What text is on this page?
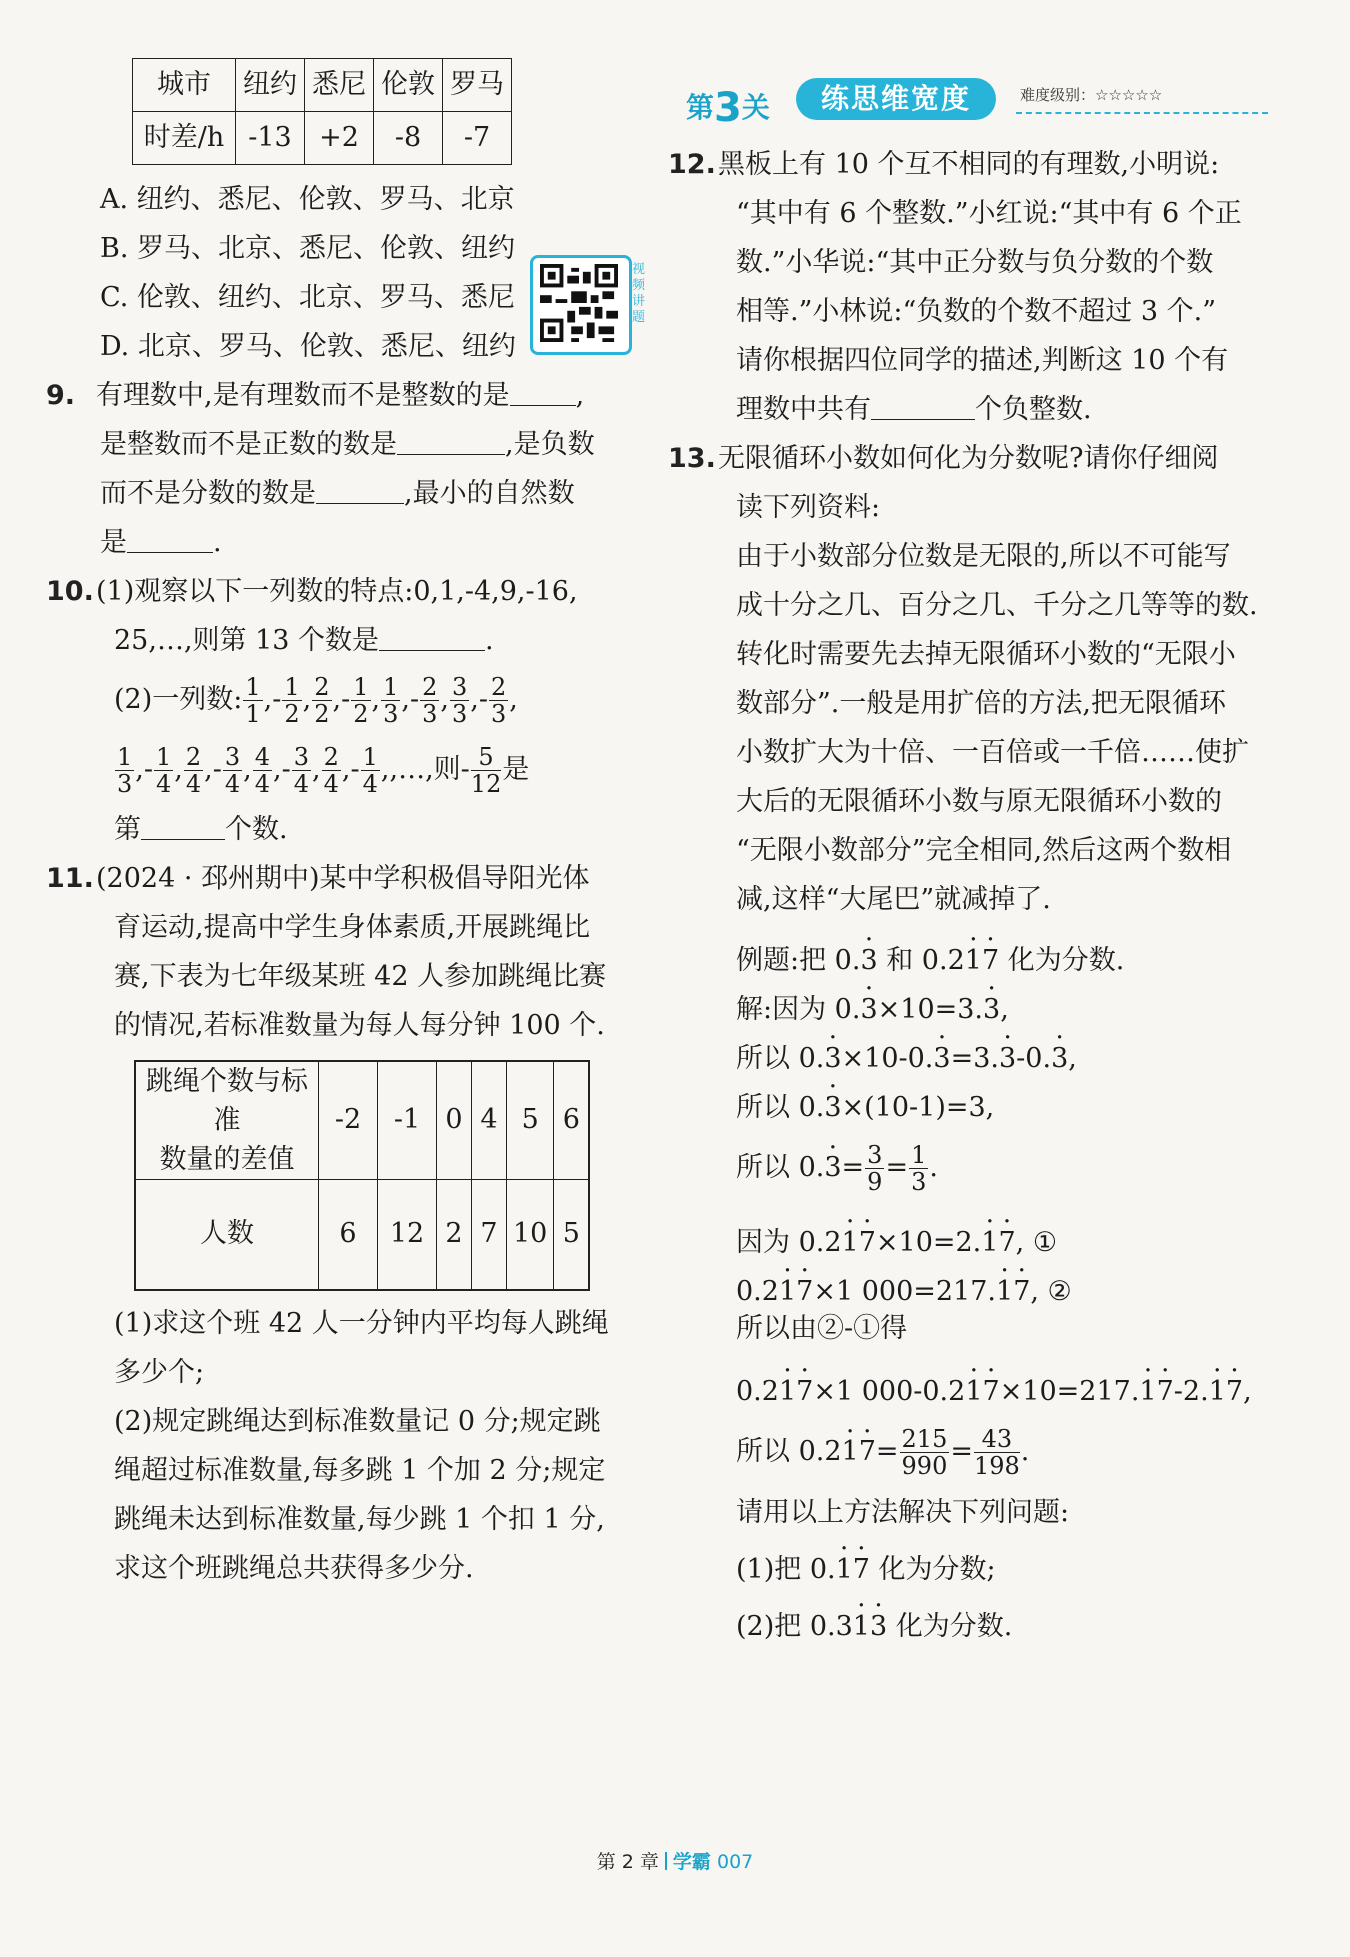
第3关	练思维宽度	难度级别：☆☆☆☆☆
视频讲题
城市	纽约	悉尼	伦敦	罗马
时差/h	-13	+2	-8	-7

A. 纽约、悉尼、伦敦、罗马、北京

B. 罗马、北京、悉尼、伦敦、纽约

C. 伦敦、纽约、北京、罗马、悉尼

D. 北京、罗马、伦敦、悉尼、纽约

9. 有理数中,是有理数而不是整数的是 ,

是整数而不是正数的数是	,是负数

而不是分数的数是	,最小的自然数

是	.

10.(1)观察以下一列数的特点:0,1,-4,9,-16,

25,…,则第 13 个数是	.

(2)一列数: $\frac{1}{1}$ ,- $\frac{1}{2}$ , $\frac{2}{2}$ ,- $\frac{1}{2}$ , $\frac{1}{3}$ ,- $\frac{2}{3}$ , $\frac{3}{3}$ ,- $\frac{2}{3}$ ,

$\frac{1}{3}$ ,- $\frac{1}{4}$ , $\frac{2}{4}$ ,- $\frac{3}{4}$ , $\frac{4}{4}$ ,- $\frac{3}{4}$ , $\frac{2}{4}$ ,- $\frac{1}{4}$ ,,…,则- $\frac{5}{12}$ 是

第	个数.

11.(2024 · 邳州期中)某中学积极倡导阳光体

育运动,提高中学生身体素质,开展跳绳比

赛,下表为七年级某班 42 人参加跳绳比赛

的情况,若标准数量为每人每分钟 100 个.

跳绳个数与标准
数量的差值	-2	-1	0	4	5	6
人数	6	12	2	7	10	5

(1)求这个班 42 人一分钟内平均每人跳绳

多少个;

(2)规定跳绳达到标准数量记 0 分;规定跳

绳超过标准数量,每多跳 1 个加 2 分;规定

跳绳未达到标准数量,每少跳 1 个扣 1 分,

求这个班跳绳总共获得多少分.

12.黑板上有 10 个互不相同的有理数,小明说:

“其中有 6 个整数.”小红说:“其中有 6 个正

数.”小华说:“其中正分数与负分数的个数

相等.”小林说:“负数的个数不超过 3 个.”

请你根据四位同学的描述,判断这 10 个有

理数中共有	个负整数.

13.无限循环小数如何化为分数呢?请你仔细阅

读下列资料:

由于小数部分位数是无限的,所以不可能写

成十分之几、百分之几、千分之几等等的数.

转化时需要先去掉无限循环小数的“无限小

数部分”.一般是用扩倍的方法,把无限循环

小数扩大为十倍、一百倍或一千倍……使扩

大后的无限循环小数与原无限循环小数的

“无限小数部分”完全相同,然后这两个数相

减,这样“大尾巴”就减掉了.

例题:把 0.· 3 和 0.2· 1· 7 化为分数.

解:因为 0.· 3×10=3.· 3,

所以 0.· 3×10-0.· 3=3.· 3-0.· 3,

所以 0.· 3×(10-1)=3,

所以 $0.\cdot 3= \frac{3}{9} = \frac{1}{3}$ .

因为 0.2· 1· 7×10=2.· 1· 7, ①

0.2· 1· 7×1 000=217.· 1· 7, ②

所以由②-①得

0.2· 1· 7×1 000-0.2· 1· 7×10=217.· 1· 7-2.· 1· 7,

所以 $0.2\cdot 1\cdot 7= \frac{215}{990} = \frac{43}{198}$ .

请用以上方法解决下列问题:

(1)把 0.· 1· 7 化为分数;

(2)把 0.3· 1· 3 化为分数.

第 2 章 学霸 007
